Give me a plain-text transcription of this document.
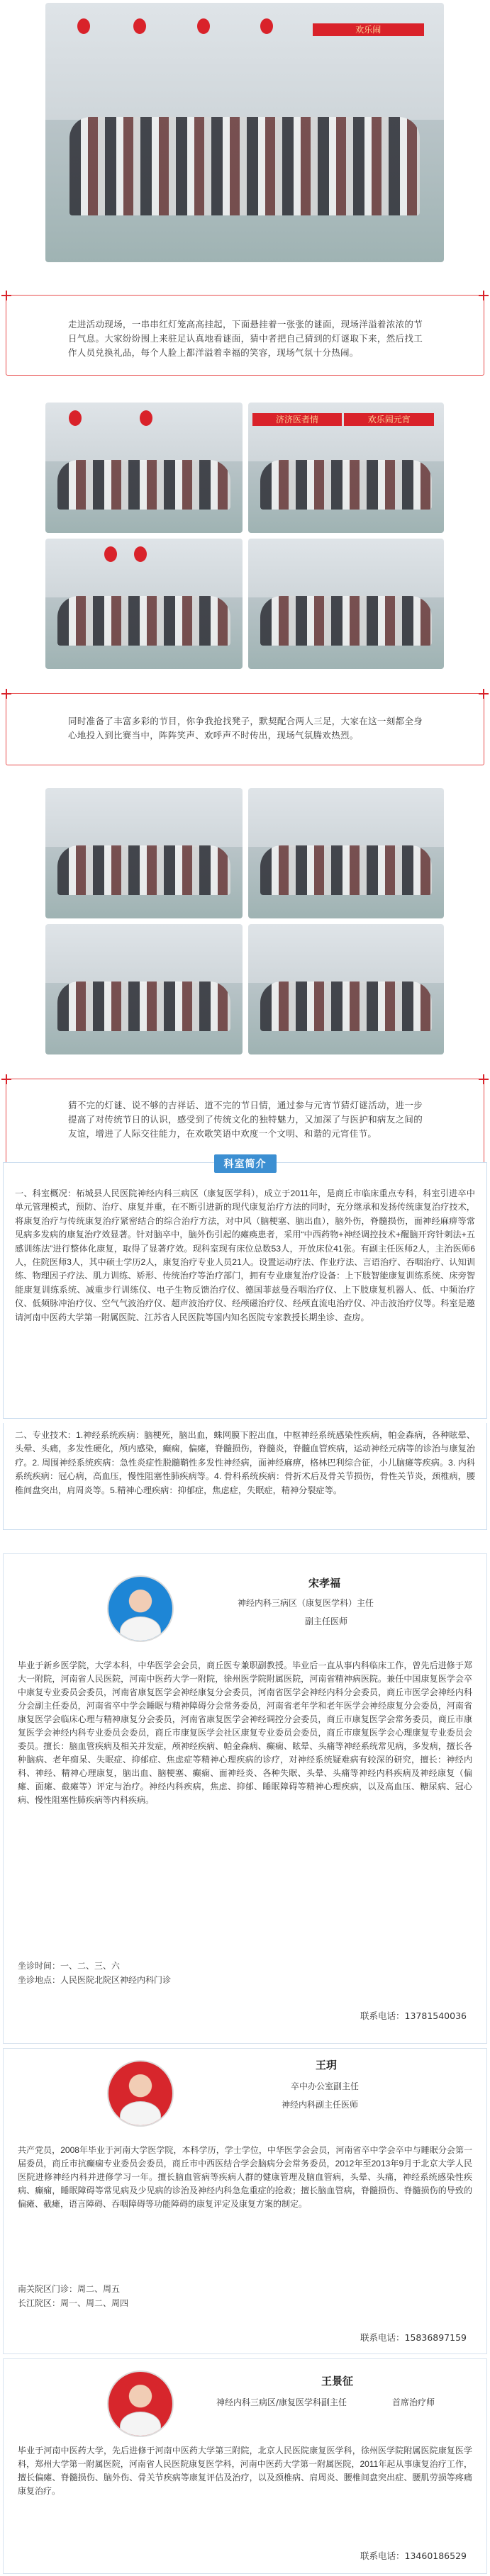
欢乐闹
走进活动现场，一串串红灯笼高高挂起，下面悬挂着一张张的谜面，现场洋溢着浓浓的节日气息。大家纷纷围上来驻足认真地看谜面，猜中者把自己猜到的灯谜取下来，然后找工作人员兑换礼品，每个人脸上都洋溢着幸福的笑容，现场气氛十分热闹。
济济医者情	欢乐闹元宵
同时准备了丰富多彩的节目，你争我抢找凳子，默契配合两人三足，大家在这一刻都全身心地投入到比赛当中，阵阵笑声、欢呼声不时传出，现场气氛腾欢热烈。
猜不完的灯谜、说不够的吉祥话、道不完的节日情，通过参与元宵节猜灯谜活动，进一步提高了对传统节日的认识，感受到了传统文化的独特魅力，又加深了与医护和病友之间的友谊，增进了人际交往能力，在欢歌笑语中欢度一个文明、和谐的元宵佳节。
科室简介
一、科室概况：柘城县人民医院神经内科三病区（康复医学科），成立于2011年，是商丘市临床重点专科，科室引进卒中单元管理模式，预防、治疗、康复并重，在不断引进新的现代康复治疗方法的同时，充分继承和发扬传统康复治疗技术，将康复治疗与传统康复治疗紧密结合的综合治疗方法，对中风（脑梗塞、脑出血），脑外伤，脊髓损伤，面神经麻痹等常见病多发病的康复治疗效显著。针对脑卒中，脑外伤引起的瘫痪患者，采用“中西药物+神经调控技术+醒脑开窍针刺法+五感训练法”进行整体化康复，取得了显著疗效。现科室现有床位总数53人，开放床位41张。有副主任医师2人，主治医师6人，住院医师3人，其中硕士学历2人，康复治疗专业人员21人。设置运动疗法、作业疗法、言语治疗、吞咽治疗、认知训练、物理因子疗法、肌力训练、矫形、传统治疗等治疗部门，拥有专业康复治疗设备：上下肢智能康复训练系统、床旁智能康复训练系统、减重步行训练仪、电子生物反馈治疗仪、德国菲兹曼吞咽治疗仪、上下肢康复机器人、低、中频治疗仪、低频脉冲治疗仪、空气气波治疗仪、超声波治疗仪、经颅磁治疗仪、经颅直流电治疗仪、冲击波治疗仪等。科室是邀请河南中医药大学第一附属医院、江苏省人民医院等国内知名医院专家教授长期坐诊、查房。
二、专业技术：1.神经系统疾病：脑梗死，脑出血，蛛网膜下腔出血，中枢神经系统感染性疾病，帕金森病，各种眩晕、头晕、头痛，多发性硬化，颅内感染，癫痫，偏瘫，脊髓损伤，脊髓炎，脊髓血管疾病，运动神经元病等的诊治与康复治疗。2. 周围神经系统疾病：急性炎症性脱髓鞘性多发性神经病，面神经麻痹，格林巴利综合征，小儿脑瘫等疾病。3. 内科系统疾病：冠心病，高血压，慢性阻塞性肺疾病等。4. 骨科系统疾病：骨折术后及骨关节损伤，骨性关节炎，颈椎病，腰椎间盘突出，肩周炎等。5.精神心理疾病：抑郁症，焦虑症，失眠症，精神分裂症等。
宋孝福
神经内科三病区（康复医学科）主任
副主任医师
毕业于新乡医学院，大学本科，中华医学会会员，商丘医专兼职副教授。毕业后一直从事内科临床工作，曾先后进修于郑大一附院，河南省人民医院，河南中医药大学一附院，徐州医学院附属医院，河南省精神病医院。兼任中国康复医学会卒中康复专业委员会委员，河南省康复医学会神经康复分会委员，河南省医学会神经内科分会委员，商丘市医学会神经内科分会副主任委员，河南省卒中学会睡眠与精神障碍分会常务委员，河南省老年学和老年医学会神经康复分会委员，河南省康复医学会临床心理与精神康复分会委员，河南省康复医学会神经调控分会委员，商丘市康复医学会常务委员，商丘市康复医学会神经内科专业委员会委员，商丘市康复医学会社区康复专业委员会委员，商丘市康复医学会心理康复专业委员会委员。擅长：脑血管疾病及相关并发症，颅神经疾病、帕金森病、癫痫、眩晕、头痛等神经系统常见病，多发病，擅长各种脑病、老年痴呆、失眠症、抑郁症、焦虑症等精神心理疾病的诊疗，对神经系统疑难病有较深的研究，擅长：神经内科、神经、精神心理康复，脑出血、脑梗塞、癫痫、面神经炎、各种失眠、头晕、头痛等神经内科疾病及神经康复（偏瘫、面瘫、截瘫等）评定与治疗。神经内科疾病，焦虑、抑郁、睡眠障碍等精神心理疾病，以及高血压、糖尿病、冠心病、慢性阻塞性肺疾病等内科疾病。
坐诊时间：一、二、三、六
坐诊地点：人民医院北院区神经内科门诊
联系电话：13781540036
王玥
卒中办公室副主任
神经内科副主任医师
共产党员，2008年毕业于河南大学医学院，本科学历，学士学位，中华医学会会员，河南省卒中学会卒中与睡眠分会第一届委员，商丘市抗癫痫专业委员会委员，商丘市中西医结合学会脑病分会常务委员，2012年至2013年9月于北京大学人民医院进修神经内科并进修学习一年。擅长脑血管病等疾病人群的健康管理及脑血管病，头晕、头痛，神经系统感染性疾病、癫痫，睡眠障碍等常见病及少见病的诊治及神经内科急危重症的抢救；擅长脑血管病，脊髓损伤、脊髓损伤的导致的偏瘫、截瘫，语言障碍、吞咽障碍等功能障碍的康复评定及康复方案的制定。
南关院区门诊：周二、周五
长江院区：周一、周二、周四
联系电话：15836897159
王景征
神经内科三病区/康复医学科副主任	首席治疗师
毕业于河南中医药大学，先后进修于河南中医药大学第三附院，北京人民医院康复医学科，徐州医学院附属医院康复医学科，郑州大学第一附属医院，河南省人民医院康复医学科，河南中医药大学第一附属医院，2011年起从事康复治疗工作，擅长偏瘫、脊髓损伤、脑外伤、骨关节疾病等康复评估及治疗，以及颈椎病、肩周炎、腰椎间盘突出症、腰肌劳损等疼痛康复治疗。
联系电话：13460186529
